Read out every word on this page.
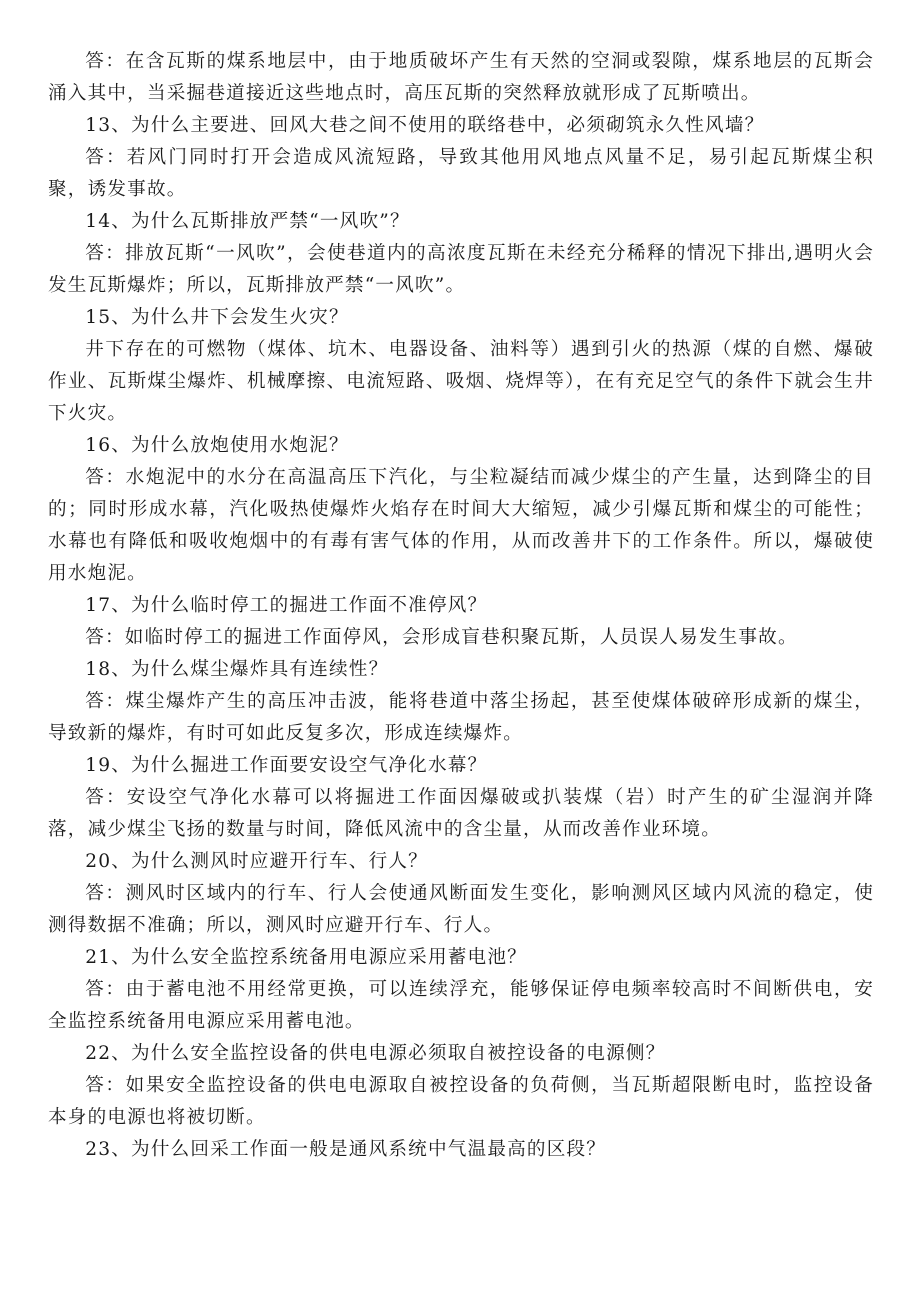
答：在含瓦斯的煤系地层中，由于地质破坏产生有天然的空洞或裂隙，煤系地层的瓦斯会涌入其中，当采掘巷道接近这些地点时，高压瓦斯的突然释放就形成了瓦斯喷出。

13、为什么主要进、回风大巷之间不使用的联络巷中，必须砌筑永久性风墙？

答：若风门同时打开会造成风流短路，导致其他用风地点风量不足，易引起瓦斯煤尘积聚，诱发事故。

14、为什么瓦斯排放严禁“一风吹”？

答：排放瓦斯“一风吹”，会使巷道内的高浓度瓦斯在未经充分稀释的情况下排出,遇明火会发生瓦斯爆炸；所以，瓦斯排放严禁“一风吹”。

15、为什么井下会发生火灾？

井下存在的可燃物（煤体、坑木、电器设备、油料等）遇到引火的热源（煤的自燃、爆破作业、瓦斯煤尘爆炸、机械摩擦、电流短路、吸烟、烧焊等），在有充足空气的条件下就会生井下火灾。

16、为什么放炮使用水炮泥？

答：水炮泥中的水分在高温高压下汽化，与尘粒凝结而减少煤尘的产生量，达到降尘的目的；同时形成水幕，汽化吸热使爆炸火焰存在时间大大缩短，减少引爆瓦斯和煤尘的可能性；水幕也有降低和吸收炮烟中的有毒有害气体的作用，从而改善井下的工作条件。所以，爆破使用水炮泥。

17、为什么临时停工的掘进工作面不准停风？

答：如临时停工的掘进工作面停风，会形成盲巷积聚瓦斯，人员误人易发生事故。

18、为什么煤尘爆炸具有连续性？

答：煤尘爆炸产生的高压冲击波，能将巷道中落尘扬起，甚至使煤体破碎形成新的煤尘，导致新的爆炸，有时可如此反复多次，形成连续爆炸。

19、为什么掘进工作面要安设空气净化水幕？

答：安设空气净化水幕可以将掘进工作面因爆破或扒装煤（岩）时产生的矿尘湿润并降落，减少煤尘飞扬的数量与时间，降低风流中的含尘量，从而改善作业环境。

20、为什么测风时应避开行车、行人？

答：测风时区域内的行车、行人会使通风断面发生变化，影响测风区域内风流的稳定，使测得数据不准确；所以，测风时应避开行车、行人。

21、为什么安全监控系统备用电源应采用蓄电池？

答：由于蓄电池不用经常更换，可以连续浮充，能够保证停电频率较高时不间断供电，安全监控系统备用电源应采用蓄电池。

22、为什么安全监控设备的供电电源必须取自被控设备的电源侧？

答：如果安全监控设备的供电电源取自被控设备的负荷侧，当瓦斯超限断电时，监控设备本身的电源也将被切断。

23、为什么回采工作面一般是通风系统中气温最高的区段？
